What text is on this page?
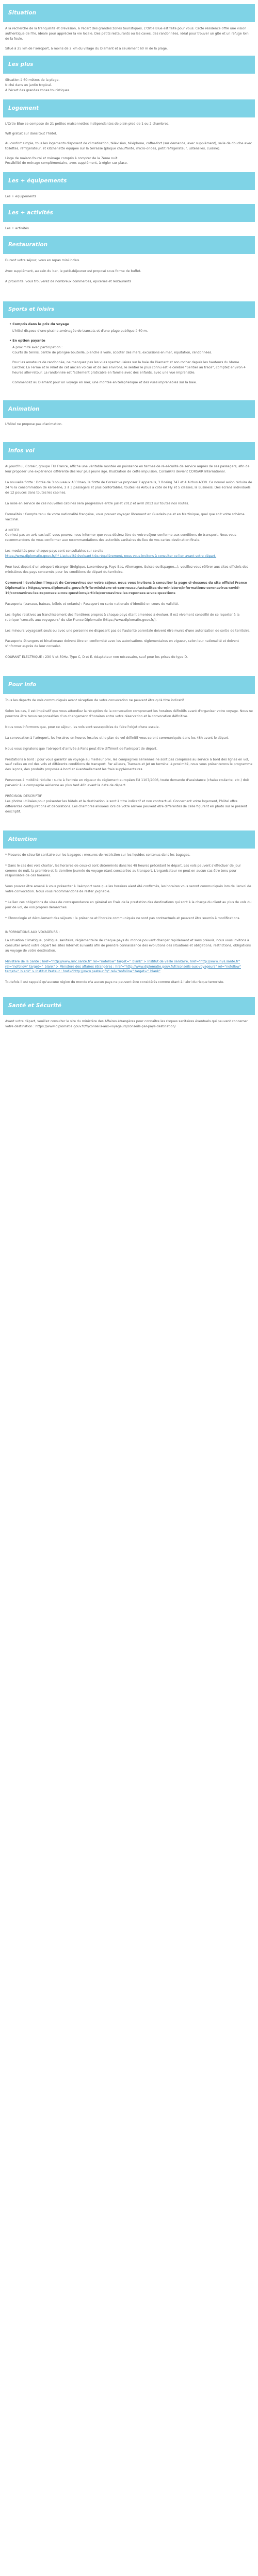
Situation

A la recherche de la tranquillité et d'évasion, à l'écart des grandes zones touristiques, L'Ortie Blue est faite pour vous. Cette résidence offre une vision authentique de l'île, idéale pour apprécier la vie locale. Des petits restaurants ou les caves, des randonnées, idéal pour trouver un gîte et un refuge loin de la foule.

Situé à 25 km de l'aéroport, à moins de 2 km du village du Diamant et à seulement 60 m de la plage.

Les plus
Situation à 60 mètres de la plage.
Niché dans un jardin tropical.
A l'écart des grandes zones touristiques.
Logement

L'Ortie Blue se compose de 21 petites maisonnettes indépendantes de plain-pied de 1 ou 2 chambres.

Wifi gratuit sur dans tout l'hôtel.

Au confort simple, tous les logements disposent de climatisation, télévision, téléphone, coffre-fort (sur demande, avec supplément), salle de douche avec toilettes, réfrigérateur, et kitchenette équipée sur la terrasse (plaque chauffante, micro-ondes, petit réfrigérateur, ustensiles, cuisine).

Linge de maison fourni et ménage compris à compter de la 7ème nuit.
Possibilité de ménage complémentaire, avec supplément, à régler sur place.
Les + équipements

Les + équipements

Les + activités

Les + activités

Restauration

Durant votre séjour, vous en repas mini inclus.

Avec supplément, au sein du bar, le petit-déjeuner est proposé sous forme de buffet.

A proximité, vous trouverez de nombreux commerces, épiceries et restaurants

Sports et loisirs
• Compris dans le prix du voyage

L'hôtel dispose d'une piscine aménagée de transats et d'une plage publique à 60 m.

• En option payante
A proximité avec participation :

Courts de tennis, centre de plongée bouteille, planche à voile, scooter des mers, excursions en mer, équitation, randonnées.

Pour les amateurs de randonnée, ne manquez pas les vues spectaculaires sur la baie du Diamant et son rocher depuis les hauteurs du Morne Larcher. La Ferme et le relief de cet ancien volcan et de ses environs, le sentier le plus connu est le célèbre "Sentier au tracé", comptez environ 4 heures aller-retour. La randonnée est facilement praticable en famille avec des enfants, avec une vue imprenable.

Commencez au Diamant pour un voyage en mer, une montée en téléphérique et des vues imprenables sur la baie.

Animation

L'hôtel ne propose pas d'animation.

Infos vol

Aujourd'hui, Corsair, groupe TUI France, affiche une véritable montée en puissance en termes de ré-sécurité de service auprès de ses passagers, afin de leur proposer une expérience différente dès leur plus jeune âge. Illustration de cette impulsion, Corsair(R) devient CORSAIR International.

La nouvelle flotte : Dotée de 3 nouveaux A330neo, la flotte de Corsair va proposer 7 appareils, 3 Boeing 747 et 4 Airbus A330. Ce nouvel avion réduira de 24 % la consommation de kérosène, 2 à 3 passagers et plus confortables, toutes les Airbus à côté de Fly et 5 classes, la Business. Des écrans individuels de 12 pouces dans toutes les cabines.

La mise en service de ces nouvelles cabines sera progressive entre juillet 2012 et avril 2013 sur toutes nos routes.

Formalités : Compte tenu de votre nationalité française, vous pouvez voyager librement en Guadeloupe et en Martinique, quel que soit votre schéma vaccinal.

A NOTER

Ce n'est pas un avis exclusif, vous pouvez nous informer que vous désirez être de votre séjour conforme aux conditions de transport. Nous vous recommandons de vous conformer aux recommandations des autorités sanitaires du lieu de vos cartes destination finale.

Les modalités pour chaque pays sont consultables sur ce site

https://www.diplomatie.gouv.fr/fr/ L'actualité évoluant très régulièrement, nous vous invitons à consulter ce lien avant votre départ.

Pour tout départ d'un aéroport étranger (Belgique, Luxembourg, Pays-Bas, Allemagne, Suisse ou Espagne...), veuillez vous référer aux sites officiels des ministères des pays concernés pour les conditions de départ du territoire.

Comment l'évolution l'impact de Coronavirus sur votre séjour, nous vous invitons à consulter la page ci-dessous du site officiel France Diplomatie : https://www.diplomatie.gouv.fr/fr/le-ministere-et-son-reseau/actualites-du-ministere/informations-coronavirus-covid-19/coronavirus-les-reponses-a-vos-questions/article/coronavirus-les-reponses-a-vos-questions

Passeports (travaux, bateau, bébés et enfants) : Passeport ou carte nationale d'identité en cours de validité.

Les règles relatives au franchissement des frontières propres à chaque pays étant amenées à évoluer, il est vivement conseillé de se reporter à la rubrique "conseils aux voyageurs" du site France Diplomatie (https://www.diplomatie.gouv.fr/).

Les mineurs voyageant seuls ou avec une personne ne disposant pas de l'autorité parentale doivent être munis d'une autorisation de sortie de territoire.

Passeports étrangers et binationaux doivent être en conformité avec les autorisations réglementaires en vigueur, selon leur nationalité et doivent s'informer auprès de leur consulat.

COURANT ÉLECTRIQUE : 230 V et 50Hz. Type C, D et E. Adaptateur non nécessaire, sauf pour les prises de type D.

Pour info

Tous les départs de vols communiqués avant réception de votre convocation ne peuvent être qu'à titre indicatif.

Selon les cas, il est impératif que vous attendiez la réception de la convocation comprenant les horaires définitifs avant d'organiser votre voyage. Nous ne pourrons être tenus responsables d'un changement d'horaires entre votre réservation et la convocation définitive.

Nous vous informons que, pour ce séjour, les vols sont susceptibles de faire l'objet d'une escale.

La convocation à l'aéroport, les horaires en heures locales et le plan de vol définitif vous seront communiqués dans les 48h avant le départ.

Nous vous signalons que l'aéroport d'arrivée à Paris peut être différent de l'aéroport de départ.

Prestations à bord : pour vous garantir un voyage au meilleur prix, les compagnies aériennes ne sont pas comprises au service à bord des lignes en vol, sauf celles en vol des vols et différents conditions de transport. Par ailleurs, Transats et Jet un terminal à proximité, nous vous présenterons le programme des leçons, des produits proposés à bord et éventuellement les frais supplémentaires.

Personnes à mobilité réduite : suite à l'entrée en vigueur du règlement européen EU 1107/2006, toute demande d'assistance (chaise roulante, etc.) doit parvenir à la compagnie aérienne au plus tard 48h avant la date de départ.

PRÉCISION DESCRIPTIF

Les photos utilisées pour présenter les hôtels et la destination le sont à titre indicatif et non contractuel. Concernant votre logement, l'hôtel offre différentes configurations et décorations. Les chambres allouées lors de votre arrivée peuvent être différentes de celle figurant en photo sur le présent descriptif.

Attention

* Mesures de sécurité sanitaire sur les bagages : mesures de restriction sur les liquides contenus dans les bagages.

* Dans le cas des vols charter, les horaires de ceux-ci sont déterminés dans les 48 heures précédant le départ. Les vols peuvent s'effectuer de jour comme de nuit, la première et la dernière journée du voyage étant consacrées au transport. L'organisateur ne peut en aucun cas être tenu pour responsable de ces horaires.

Vous pouvez être amené à vous présenter à l'aéroport sans que les horaires aient été confirmés, les horaires vous seront communiqués lors de l'envoi de votre convocation. Nous vous recommandons de rester joignable.

* Le lien ces obligations de visas de correspondance en général en Frais de la prestation des destinations qui sont à la charge du client au plus de vols du jour de vol, de vos propres démarches.

* Chronologie et déroulement des séjours : la présence et l'horaire communiqués ne sont pas contractuels et peuvent être soumis à modifications.

INFORMATIONS AUX VOYAGEURS :

La situation climatique, politique, sanitaire, réglementaire de chaque pays du monde pouvant changer rapidement et sans préavis, nous vous invitons à consulter avant votre départ les sites Internet suivants afin de prendre connaissance des évolutions des situations et obligations, restrictions, obligations au voyage de votre destination.

Ministère de la Santé : href="http://www.rmc.santé.fr" rel="nofollow" target="_blank" > Institut de veille sanitaire, href="http://www.invs.sante.fr" rel="nofollow" target="_blank" > Ministère des affaires étrangères : href="http://www.diplomatie.gouv.fr/fr/conseils-aux-voyageurs" rel="nofollow" target="_blank" > Institut Pasteur : href="http://www.pasteur.fr/" rel="nofollow" target="_blank"

Toutefois il est rappelé qu'aucune région du monde n'a aucun pays ne peuvent être considérés comme étant à l'abri du risque terroriste.

Santé et Sécurité

Avant votre départ, veuillez consulter le site du ministère des Affaires étrangères pour connaître les risques sanitaires éventuels qui peuvent concerner votre destination : https://www.diplomatie.gouv.fr/fr/conseils-aux-voyageurs/conseils-par-pays-destination/
